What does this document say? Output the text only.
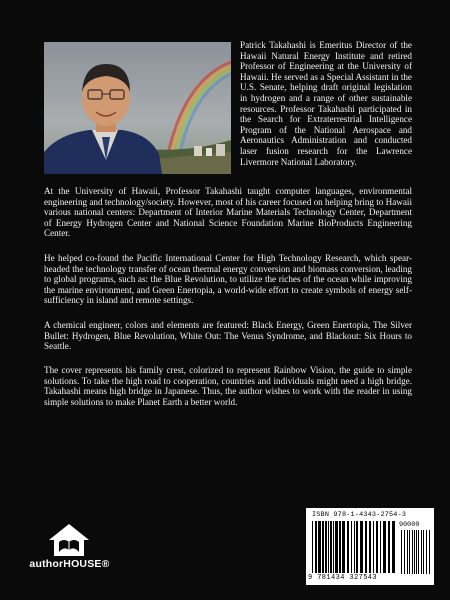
Patrick Takahashi is Emeritus Director of the Hawaii Natural Energy Institute and retired Professor of Engineering at the University of Hawaii. He served as a Special Assistant in the U.S. Senate, helping draft original legislation in hydrogen and a range of other sustainable resources. Professor Takahashi participated in the Search for Extraterrestrial Intelligence Program of the National Aerospace and Aeronautics Administration and conducted laser fusion research for the Lawrence Livermore National Laboratory.

At the University of Hawaii, Professor Takahashi taught computer languages, environmental engineering and technology/society. However, most of his career focused on helping bring to Hawaii various national centers: Department of Interior Marine Materials Technology Center, Department of Energy Hydrogen Center and National Science Foundation Marine BioProducts Engineering Center.

He helped co-found the Pacific International Center for High Technology Research, which spear-headed the technology transfer of ocean thermal energy conversion and biomass conversion, leading to global programs, such as: the Blue Revolution, to utilize the riches of the ocean while improving the marine environment, and Green Enertopia, a world-wide effort to create symbols of energy self-sufficiency in island and remote settings.

A chemical engineer, colors and elements are featured: Black Energy, Green Enertopia, The Silver Bullet: Hydrogen, Blue Revolution, White Out: The Venus Syndrome, and Blackout: Six Hours to Seattle.

The cover represents his family crest, colorized to represent Rainbow Vision, the guide to simple solutions. To take the high road to cooperation, countries and individuals might need a high bridge. Takahashi means high bridge in Japanese. Thus, the author wishes to work with the reader in using simple solutions to make Planet Earth a better world.

authorHOUSE®
ISBN 978-1-4343-2754-3
90000
9 781434 327543
